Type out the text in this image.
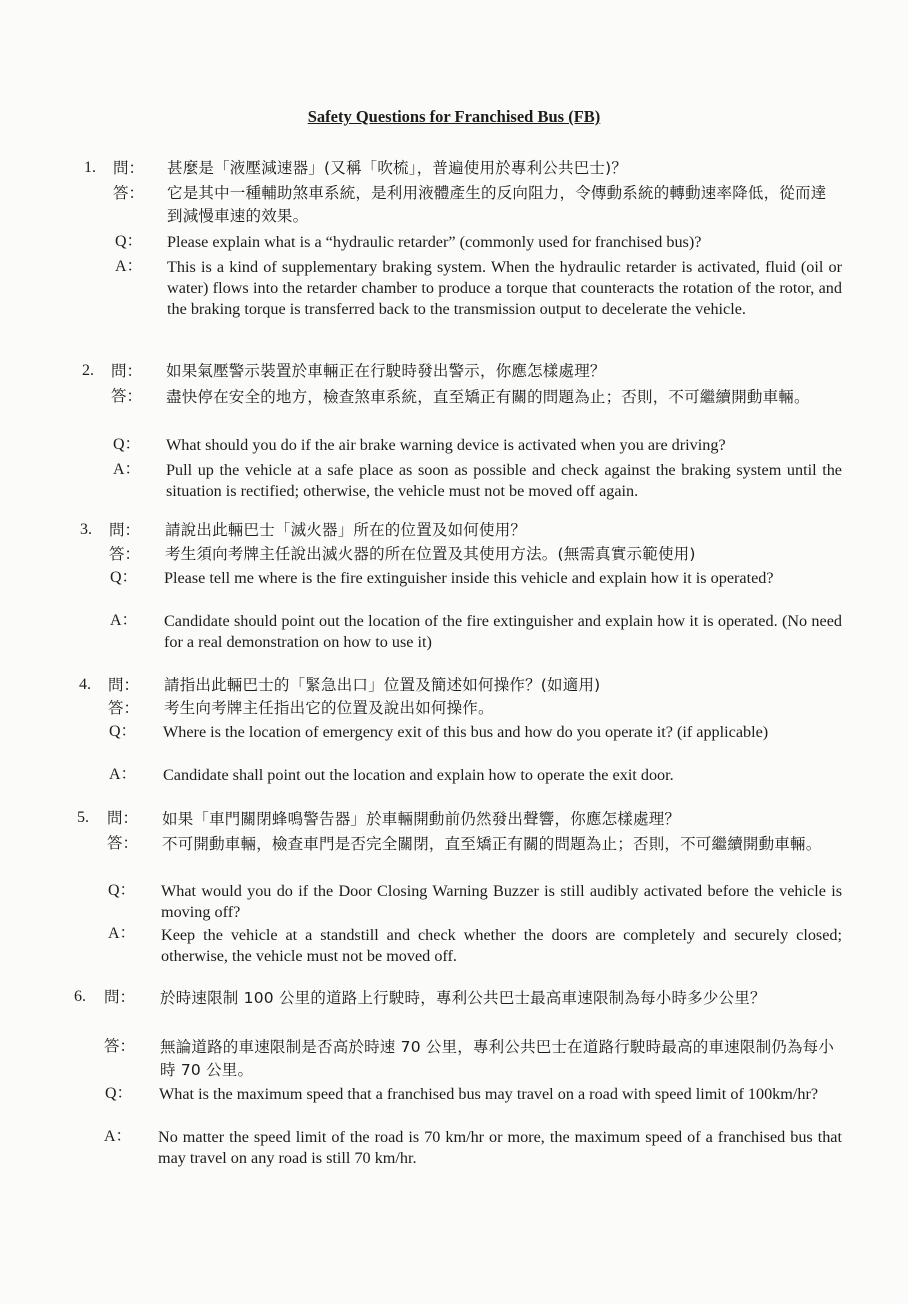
Safety Questions for Franchised Bus (FB)
1. 問：	甚麼是「液壓減速器」(又稱「吹梳」，普遍使用於專利公共巴士)？

答：	它是其中一種輔助煞車系統，是利用液體產生的反向阻力，令傳動系統的轉動速率降低，從而達到減慢車速的效果。

Q：	Please explain what is a “hydraulic retarder” (commonly used for franchised bus)?

A：	This is a kind of supplementary braking system. When the hydraulic retarder is activated, fluid (oil or water) flows into the retarder chamber to produce a torque that counteracts the rotation of the rotor, and the braking torque is transferred back to the transmission output to decelerate the vehicle.

2. 問：	如果氣壓警示裝置於車輛正在行駛時發出警示，你應怎樣處理？

答：	盡快停在安全的地方，檢查煞車系統，直至矯正有關的問題為止；否則，不可繼續開動車輛。

Q：	What should you do if the air brake warning device is activated when you are driving?

A：	Pull up the vehicle at a safe place as soon as possible and check against the braking system until the situation is rectified; otherwise, the vehicle must not be moved off again.

3. 問：	請說出此輛巴士「滅火器」所在的位置及如何使用？

答：	考生須向考牌主任說出滅火器的所在位置及其使用方法。(無需真實示範使用)

Q：	Please tell me where is the fire extinguisher inside this vehicle and explain how it is operated?

A：	Candidate should point out the location of the fire extinguisher and explain how it is operated. (No need for a real demonstration on how to use it)

4. 問：	請指出此輛巴士的「緊急出口」位置及簡述如何操作？(如適用)

答：	考生向考牌主任指出它的位置及說出如何操作。

Q：	Where is the location of emergency exit of this bus and how do you operate it? (if applicable)

A：	Candidate shall point out the location and explain how to operate the exit door.

5. 問：	如果「車門關閉蜂鳴警告器」於車輛開動前仍然發出聲響，你應怎樣處理？

答：	不可開動車輛，檢查車門是否完全關閉，直至矯正有關的問題為止；否則，不可繼續開動車輛。

Q：	What would you do if the Door Closing Warning Buzzer is still audibly activated before the vehicle is moving off?

A：	Keep the vehicle at a standstill and check whether the doors are completely and securely closed; otherwise, the vehicle must not be moved off.

6. 問：	於時速限制 100 公里的道路上行駛時，專利公共巴士最高車速限制為每小時多少公里？

答：	無論道路的車速限制是否高於時速 70 公里，專利公共巴士在道路行駛時最高的車速限制仍為每小時 70 公里。

Q：	What is the maximum speed that a franchised bus may travel on a road with speed limit of 100km/hr?

A：	No matter the speed limit of the road is 70 km/hr or more, the maximum speed of a franchised bus that may travel on any road is still 70 km/hr.
